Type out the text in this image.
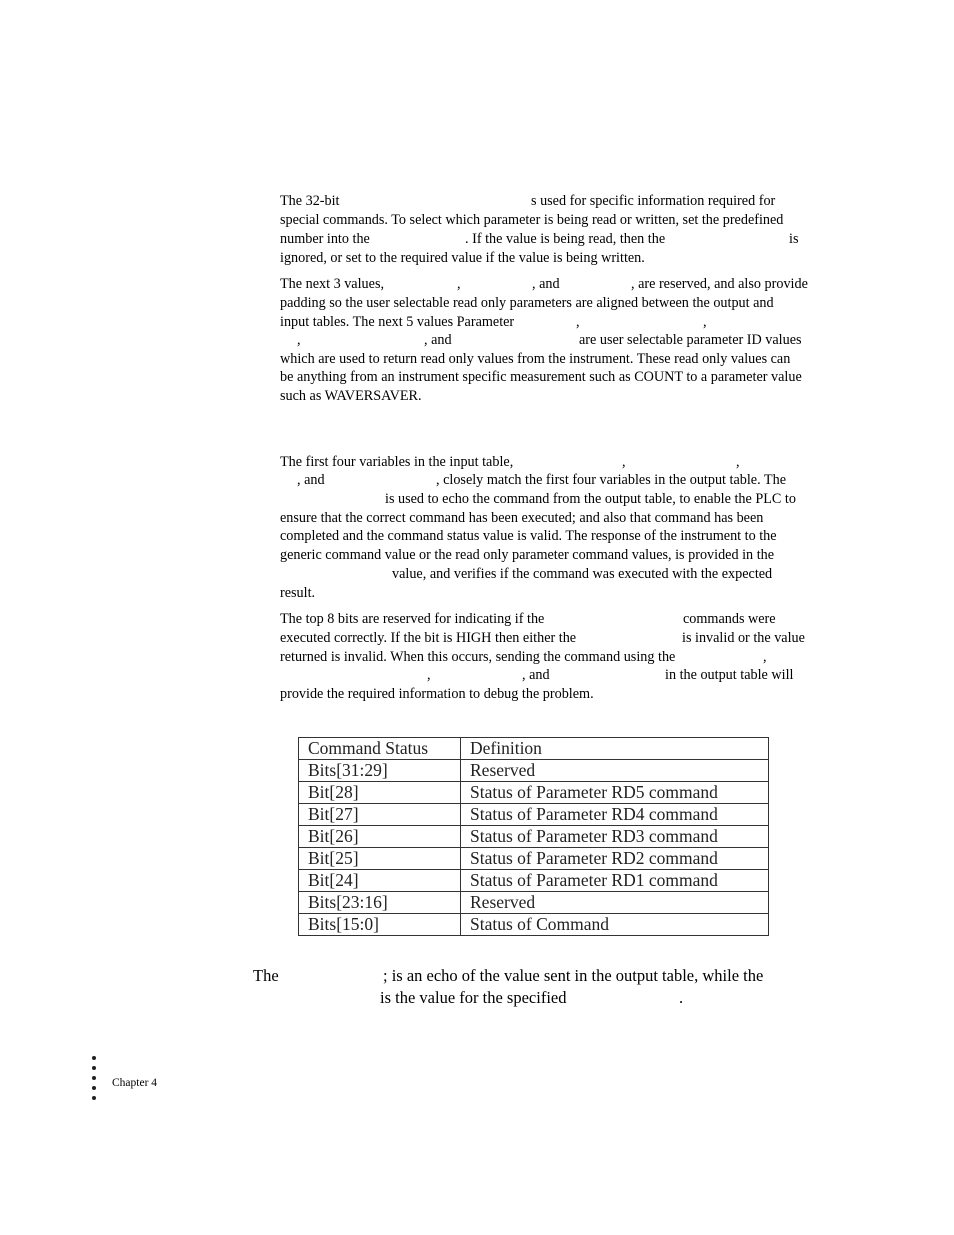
The 32-bit	s used for specific information required for
special commands. To select which parameter is being read or written, set the predefined
number into the	. If the value is being read, then the	is
ignored, or set to the required value if the value is being written.
The next 3 values,	,	, and	, are reserved, and also provide
padding so the user selectable read only parameters are aligned between the output and
input tables. The next 5 values Parameter	,	,
,	, and	are user selectable parameter ID values
which are used to return read only values from the instrument. These read only values can
be anything from an instrument specific measurement such as COUNT to a parameter value
such as WAVERSAVER.
The first four variables in the input table,	,	,
, and	, closely match the first four variables in the output table. The
is used to echo the command from the output table, to enable the PLC to
ensure that the correct command has been executed; and also that command has been
completed and the command status value is valid. The response of the instrument to the
generic command value or the read only parameter command values, is provided in the
value, and verifies if the command was executed with the expected
result.
The top 8 bits are reserved for indicating if the	commands were
executed correctly. If the bit is HIGH then either the	is invalid or the value
returned is invalid. When this occurs, sending the command using the	,
,	, and	in the output table will
provide the required information to debug the problem.
Command Status	Definition
Bits[31:29]	Reserved
Bit[28]	Status of Parameter RD5 command
Bit[27]	Status of Parameter RD4 command
Bit[26]	Status of Parameter RD3 command
Bit[25]	Status of Parameter RD2 command
Bit[24]	Status of Parameter RD1 command
Bits[23:16]	Reserved
Bits[15:0]	Status of Command
The	; is an echo of the value sent in the output table, while the
is the value for the specified	.
Chapter 4
